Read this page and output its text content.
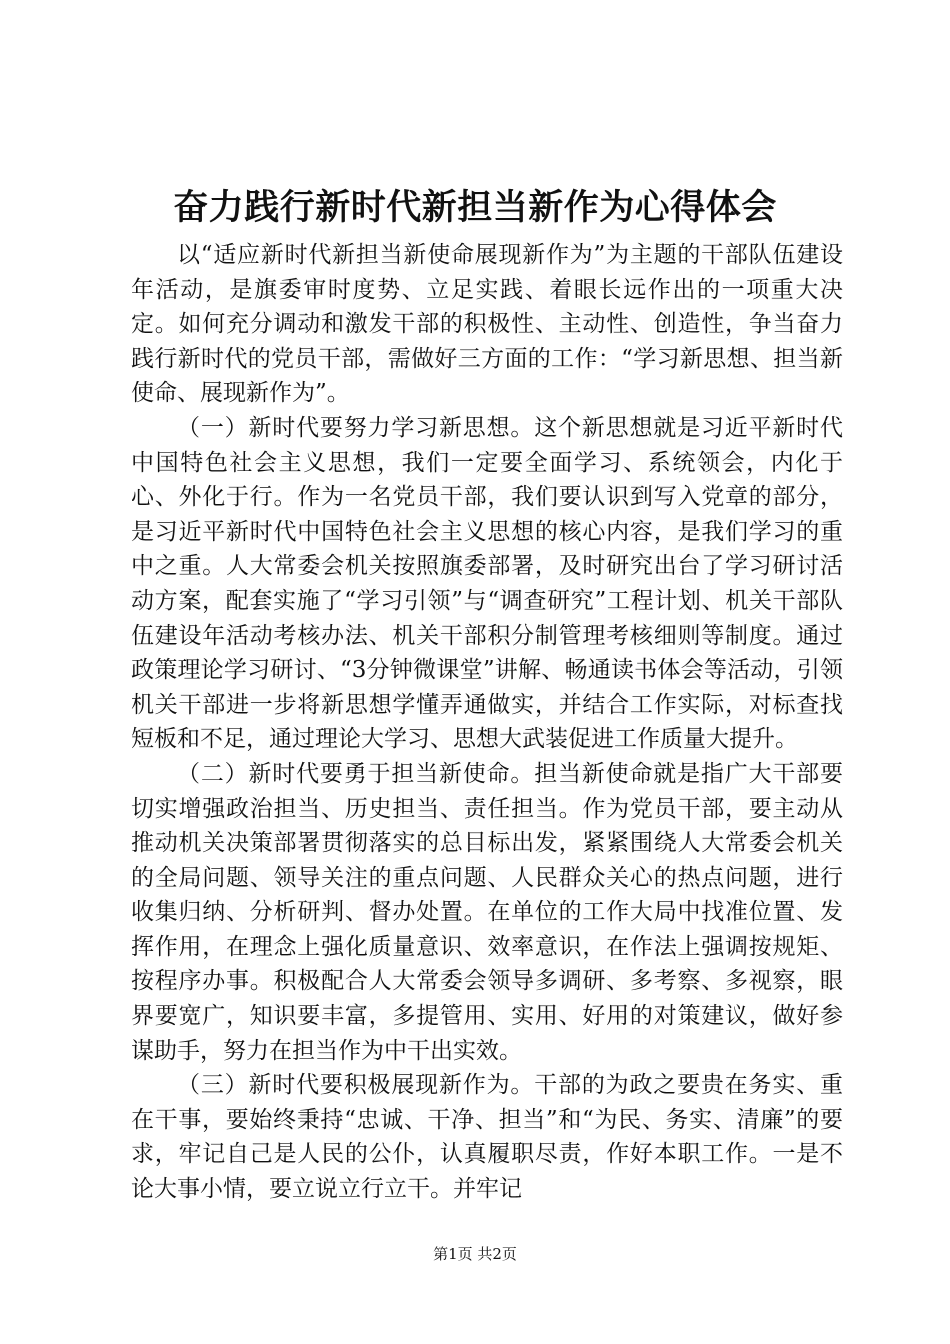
奋力践行新时代新担当新作为心得体会

以“适应新时代新担当新使命展现新作为”为主题的干部队伍建设年活动，是旗委审时度势、立足实践、着眼长远作出的一项重大决定。如何充分调动和激发干部的积极性、主动性、创造性，争当奋力践行新时代的党员干部，需做好三方面的工作：“学习新思想、担当新使命、展现新作为”。

（一）新时代要努力学习新思想。这个新思想就是习近平新时代中国特色社会主义思想，我们一定要全面学习、系统领会，内化于心、外化于行。作为一名党员干部，我们要认识到写入党章的部分，是习近平新时代中国特色社会主义思想的核心内容，是我们学习的重中之重。人大常委会机关按照旗委部署，及时研究出台了学习研讨活动方案，配套实施了“学习引领”与“调查研究”工程计划、机关干部队伍建设年活动考核办法、机关干部积分制管理考核细则等制度。通过政策理论学习研讨、“3分钟微课堂”讲解、畅通读书体会等活动，引领机关干部进一步将新思想学懂弄通做实，并结合工作实际，对标查找短板和不足，通过理论大学习、思想大武装促进工作质量大提升。

（二）新时代要勇于担当新使命。担当新使命就是指广大干部要切实增强政治担当、历史担当、责任担当。作为党员干部，要主动从推动机关决策部署贯彻落实的总目标出发，紧紧围绕人大常委会机关的全局问题、领导关注的重点问题、人民群众关心的热点问题，进行收集归纳、分析研判、督办处置。在单位的工作大局中找准位置、发挥作用，在理念上强化质量意识、效率意识，在作法上强调按规矩、按程序办事。积极配合人大常委会领导多调研、多考察、多视察，眼界要宽广，知识要丰富，多提管用、实用、好用的对策建议，做好参谋助手，努力在担当作为中干出实效。

（三）新时代要积极展现新作为。干部的为政之要贵在务实、重在干事，要始终秉持“忠诚、干净、担当”和“为民、务实、清廉”的要求，牢记自己是人民的公仆，认真履职尽责，作好本职工作。一是不论大事小情，要立说立行立干。并牢记

第1页 共2页
